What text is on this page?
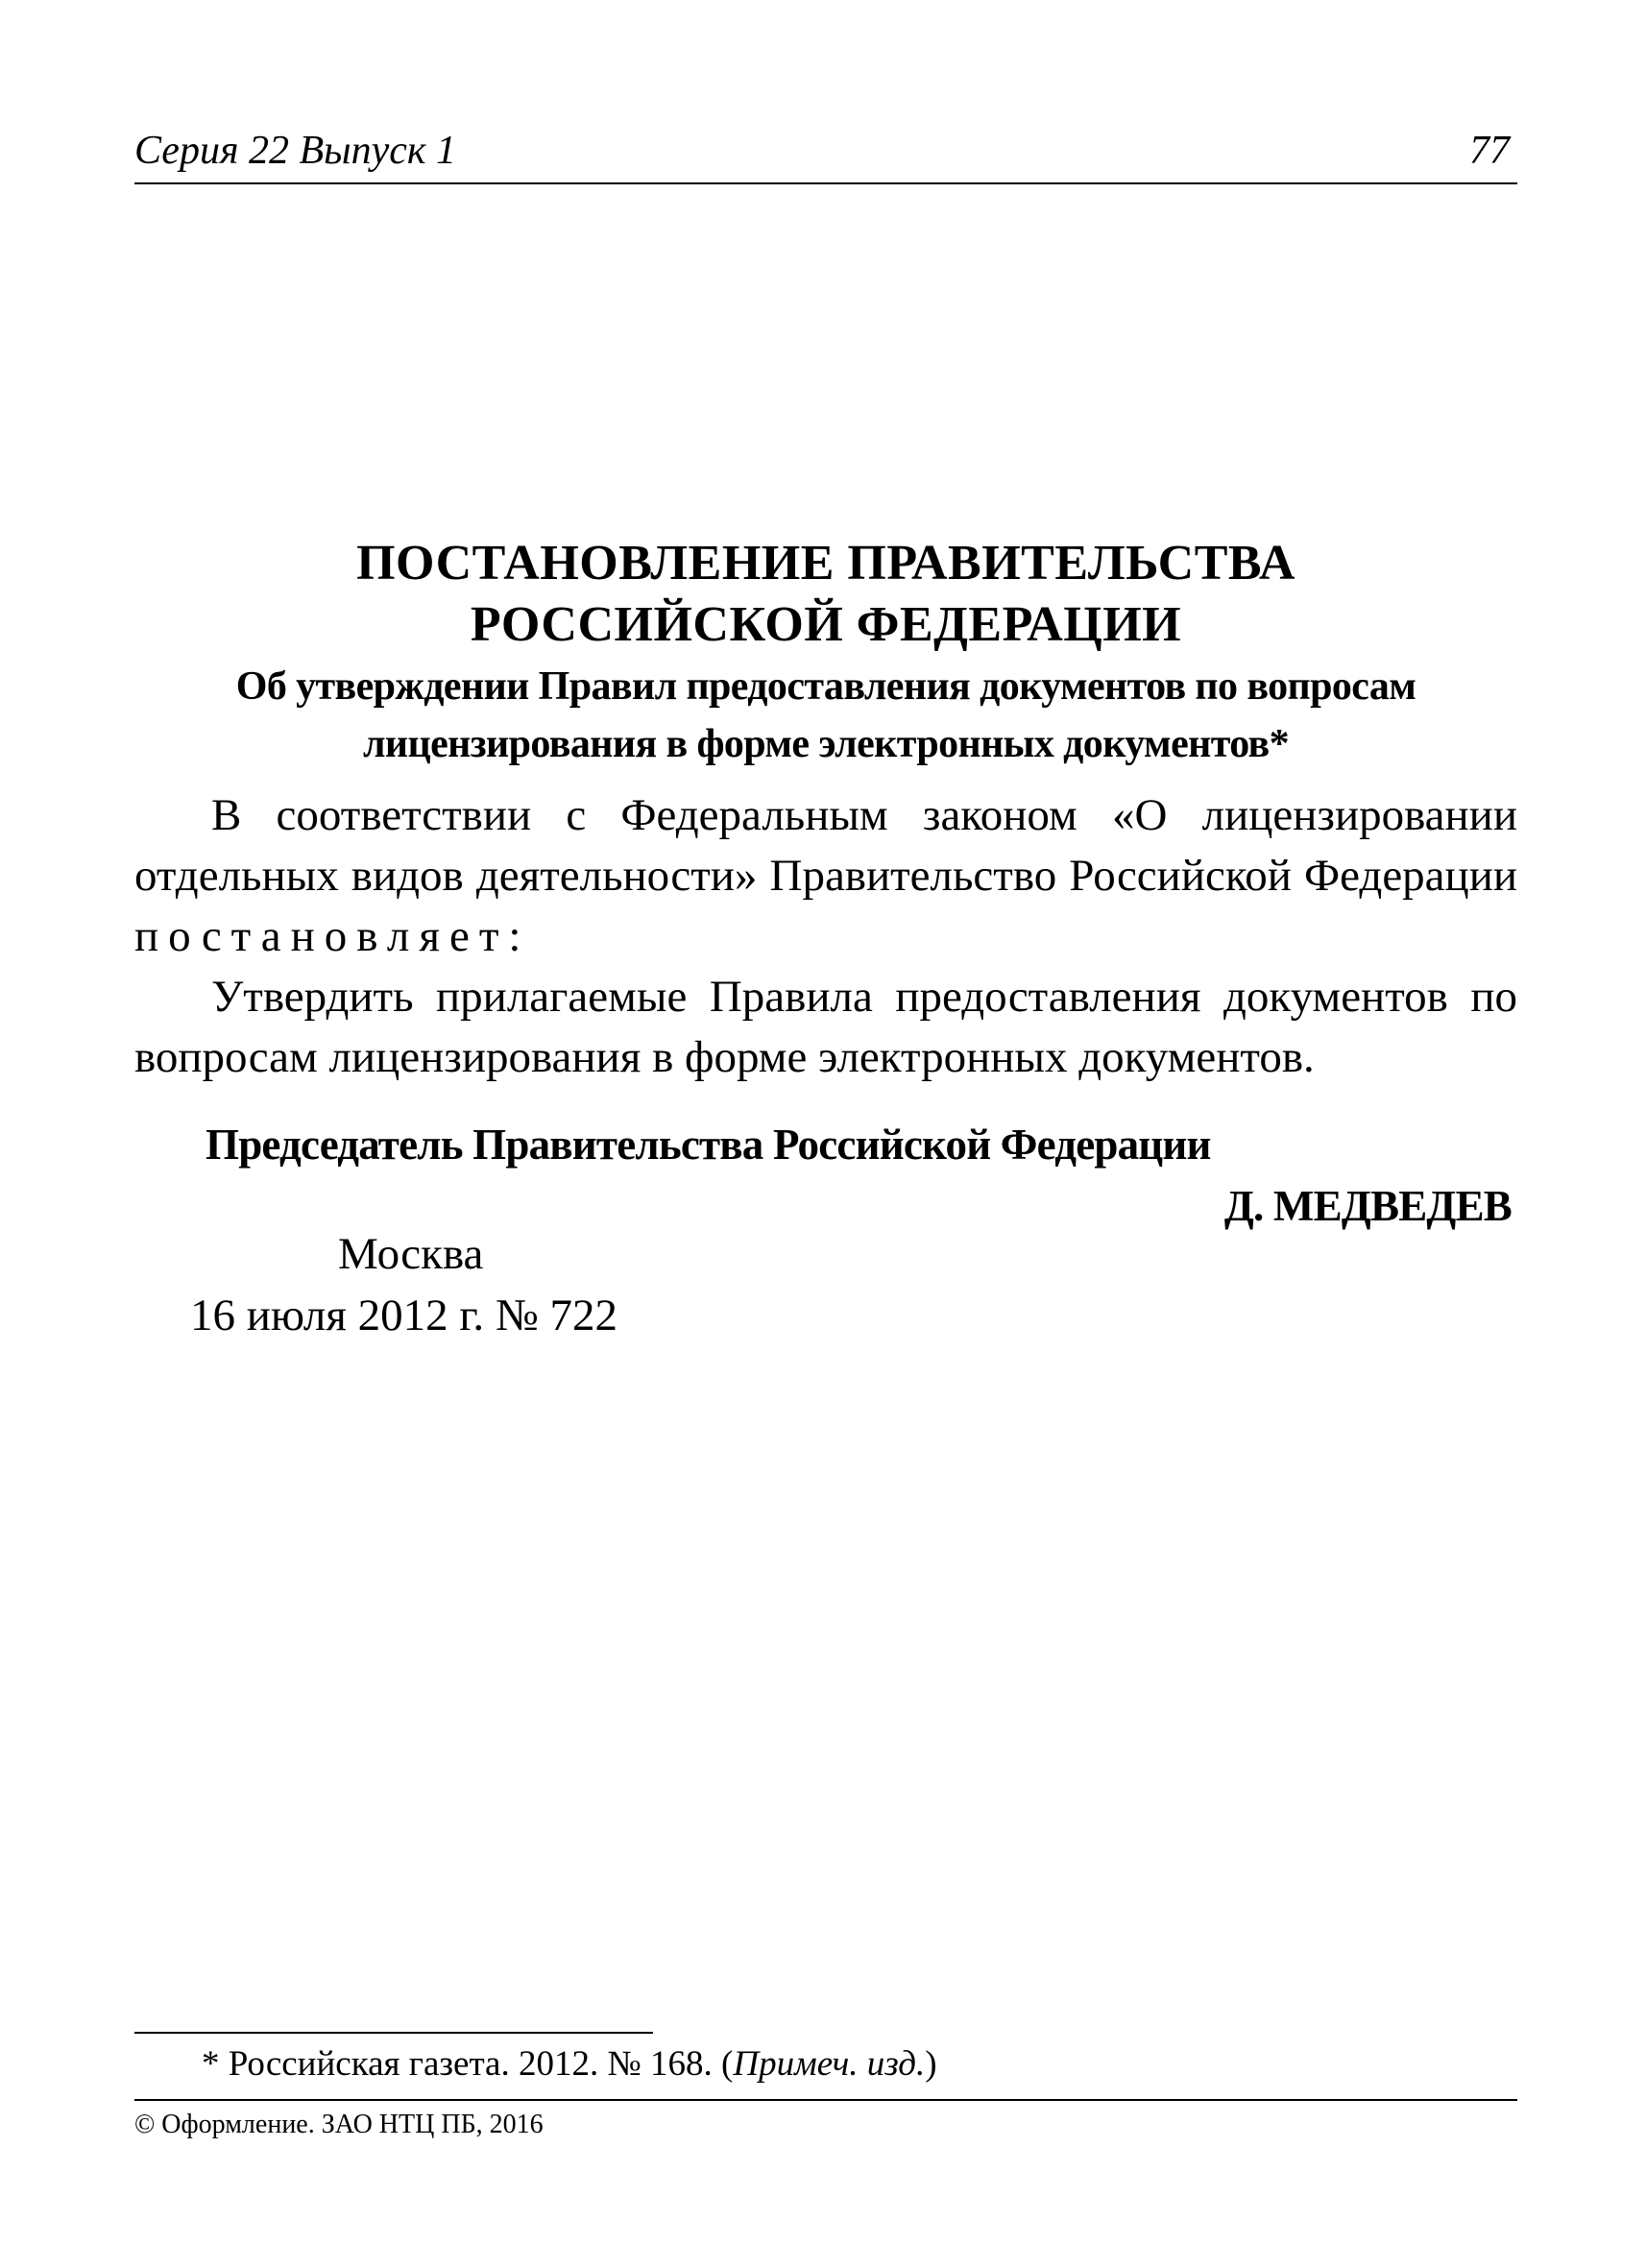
Серия 22 Выпуск 1	77
ПОСТАНОВЛЕНИЕ ПРАВИТЕЛЬСТВА
РОССИЙСКОЙ ФЕДЕРАЦИИ
Об утверждении Правил предоставления документов по вопросам
лицензирования в форме электронных документов*

В соответствии с Федеральным законом «О лицензировании отдельных видов деятельности» Правительство Российской Федерации постановляет:

Утвердить прилагаемые Правила предоставления документов по вопросам лицензирования в форме электронных документов.

Председатель Правительства Российской Федерации
Д. МЕДВЕДЕВ
Москва
16 июля 2012 г. № 722
* Российская газета. 2012. № 168. (Примеч. изд.)
© Оформление. ЗАО НТЦ ПБ, 2016
